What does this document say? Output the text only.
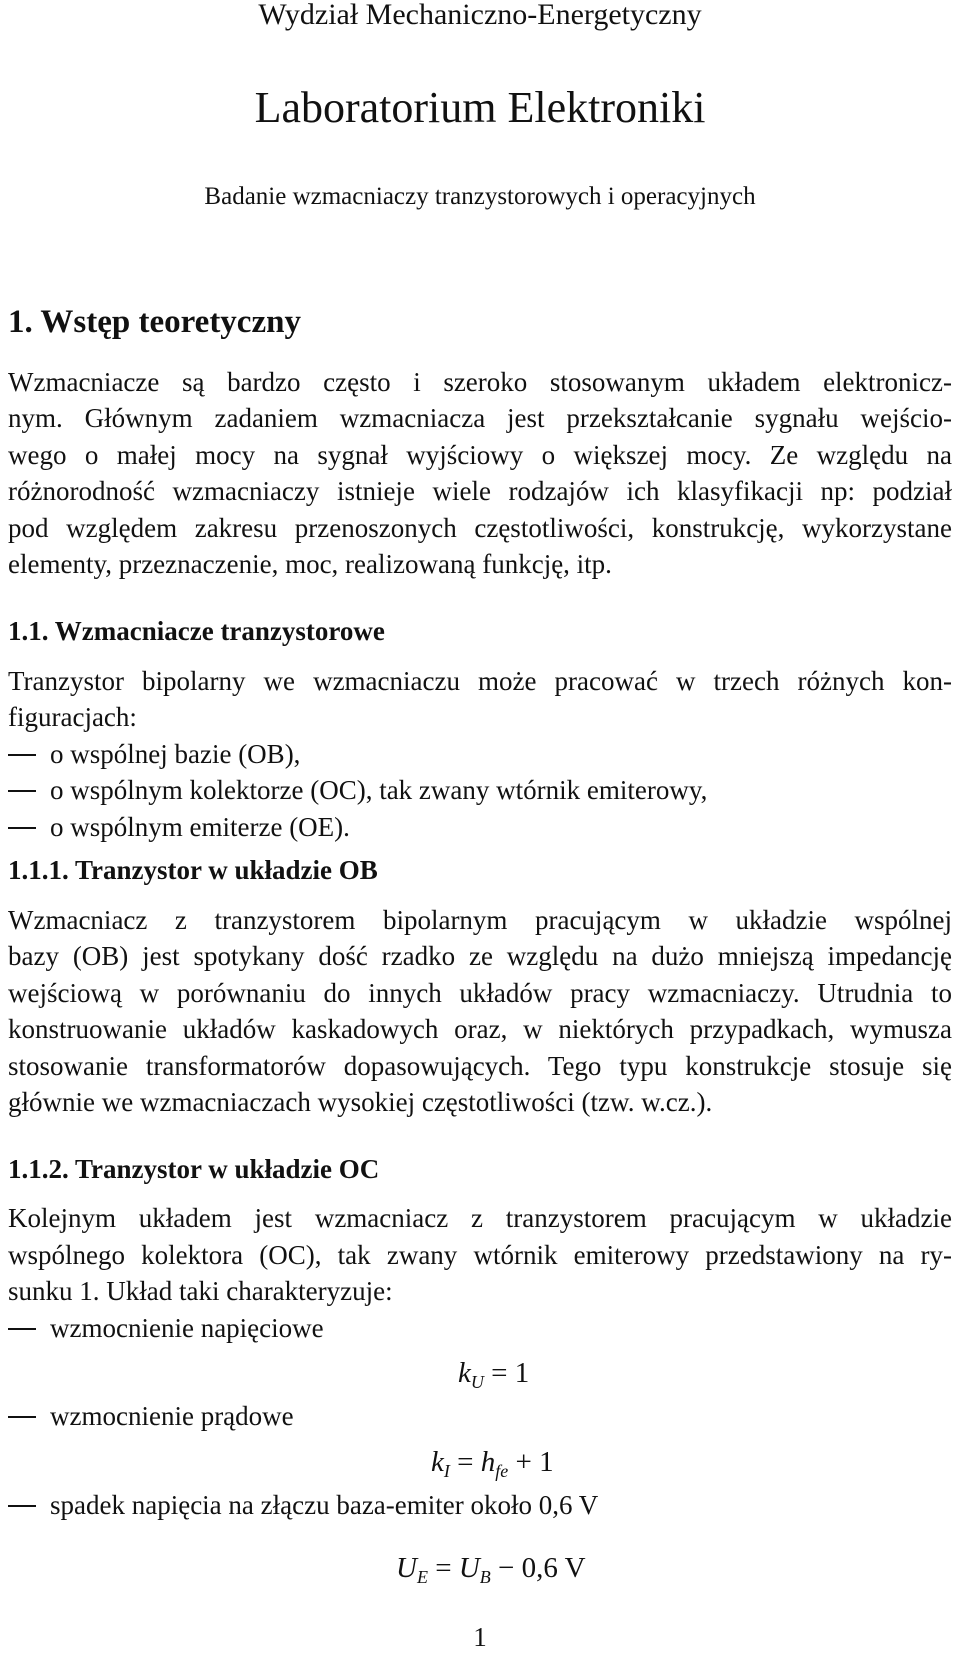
Wydział Mechaniczno-Energetyczny
Laboratorium Elektroniki
Badanie wzmacniaczy tranzystorowych i operacyjnych
1. Wstęp teoretyczny
Wzmacniacze są bardzo często i szeroko stosowanym układem elektronicz-
nym. Głównym zadaniem wzmacniacza jest przekształcanie sygnału wejścio-
wego o małej mocy na sygnał wyjściowy o większej mocy. Ze względu na
różnorodność wzmacniaczy istnieje wiele rodzajów ich klasyfikacji np: podział
pod względem zakresu przenoszonych częstotliwości, konstrukcję, wykorzystane
elementy, przeznaczenie, moc, realizowaną funkcję, itp.
1.1. Wzmacniacze tranzystorowe
Tranzystor bipolarny we wzmacniaczu może pracować w trzech różnych kon-
figuracjach:
o wspólnej bazie (OB),
o wspólnym kolektorze (OC), tak zwany wtórnik emiterowy,
o wspólnym emiterze (OE).
1.1.1. Tranzystor w układzie OB
Wzmacniacz z tranzystorem bipolarnym pracującym w układzie wspólnej
bazy (OB) jest spotykany dość rzadko ze względu na dużo mniejszą impedancję
wejściową w porównaniu do innych układów pracy wzmacniaczy. Utrudnia to
konstruowanie układów kaskadowych oraz, w niektórych przypadkach, wymusza
stosowanie transformatorów dopasowujących. Tego typu konstrukcje stosuje się
głównie we wzmacniaczach wysokiej częstotliwości (tzw. w.cz.).
1.1.2. Tranzystor w układzie OC
Kolejnym układem jest wzmacniacz z tranzystorem pracującym w układzie
wspólnego kolektora (OC), tak zwany wtórnik emiterowy przedstawiony na ry-
sunku 1. Układ taki charakteryzuje:
wzmocnienie napięciowe
$k_U = 1$
wzmocnienie prądowe
$k_I = h_{fe} + 1$
spadek napięcia na złączu baza-emiter około 0,6 V
$U_E = U_B - 0,6$ V
1
